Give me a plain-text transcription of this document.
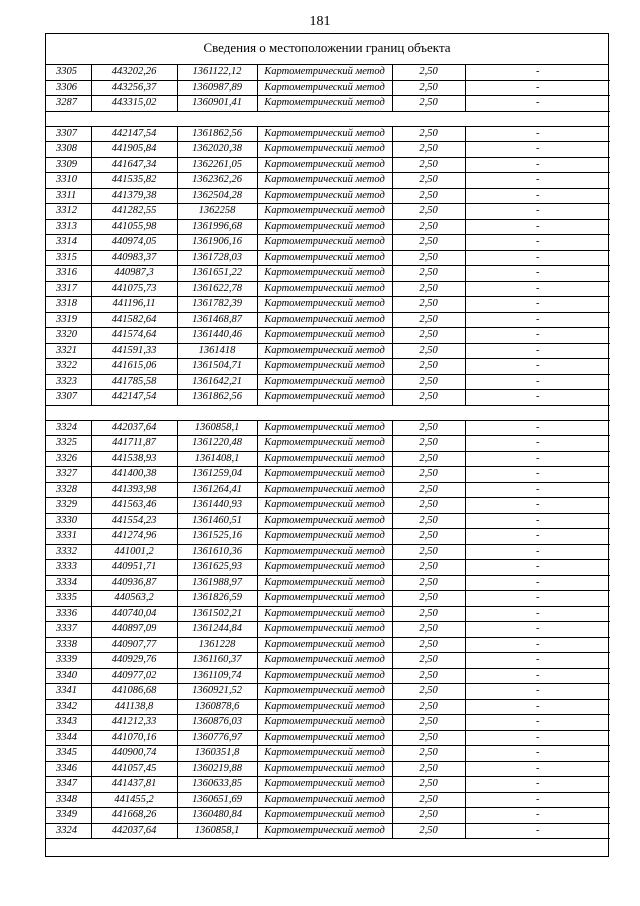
181
Сведения о местоположении границ объекта
3305	443202,26	1361122,12	Картометрический метод	2,50	-
3306	443256,37	1360987,89	Картометрический метод	2,50	-
3287	443315,02	1360901,41	Картометрический метод	2,50	-

3307	442147,54	1361862,56	Картометрический метод	2,50	-
3308	441905,84	1362020,38	Картометрический метод	2,50	-
3309	441647,34	1362261,05	Картометрический метод	2,50	-
3310	441535,82	1362362,26	Картометрический метод	2,50	-
3311	441379,38	1362504,28	Картометрический метод	2,50	-
3312	441282,55	1362258	Картометрический метод	2,50	-
3313	441055,98	1361996,68	Картометрический метод	2,50	-
3314	440974,05	1361906,16	Картометрический метод	2,50	-
3315	440983,37	1361728,03	Картометрический метод	2,50	-
3316	440987,3	1361651,22	Картометрический метод	2,50	-
3317	441075,73	1361622,78	Картометрический метод	2,50	-
3318	441196,11	1361782,39	Картометрический метод	2,50	-
3319	441582,64	1361468,87	Картометрический метод	2,50	-
3320	441574,64	1361440,46	Картометрический метод	2,50	-
3321	441591,33	1361418	Картометрический метод	2,50	-
3322	441615,06	1361504,71	Картометрический метод	2,50	-
3323	441785,58	1361642,21	Картометрический метод	2,50	-
3307	442147,54	1361862,56	Картометрический метод	2,50	-

3324	442037,64	1360858,1	Картометрический метод	2,50	-
3325	441711,87	1361220,48	Картометрический метод	2,50	-
3326	441538,93	1361408,1	Картометрический метод	2,50	-
3327	441400,38	1361259,04	Картометрический метод	2,50	-
3328	441393,98	1361264,41	Картометрический метод	2,50	-
3329	441563,46	1361440,93	Картометрический метод	2,50	-
3330	441554,23	1361460,51	Картометрический метод	2,50	-
3331	441274,96	1361525,16	Картометрический метод	2,50	-
3332	441001,2	1361610,36	Картометрический метод	2,50	-
3333	440951,71	1361625,93	Картометрический метод	2,50	-
3334	440936,87	1361988,97	Картометрический метод	2,50	-
3335	440563,2	1361826,59	Картометрический метод	2,50	-
3336	440740,04	1361502,21	Картометрический метод	2,50	-
3337	440897,09	1361244,84	Картометрический метод	2,50	-
3338	440907,77	1361228	Картометрический метод	2,50	-
3339	440929,76	1361160,37	Картометрический метод	2,50	-
3340	440977,02	1361109,74	Картометрический метод	2,50	-
3341	441086,68	1360921,52	Картометрический метод	2,50	-
3342	441138,8	1360878,6	Картометрический метод	2,50	-
3343	441212,33	1360876,03	Картометрический метод	2,50	-
3344	441070,16	1360776,97	Картометрический метод	2,50	-
3345	440900,74	1360351,8	Картометрический метод	2,50	-
3346	441057,45	1360219,88	Картометрический метод	2,50	-
3347	441437,81	1360633,85	Картометрический метод	2,50	-
3348	441455,2	1360651,69	Картометрический метод	2,50	-
3349	441668,26	1360480,84	Картометрический метод	2,50	-
3324	442037,64	1360858,1	Картометрический метод	2,50	-
